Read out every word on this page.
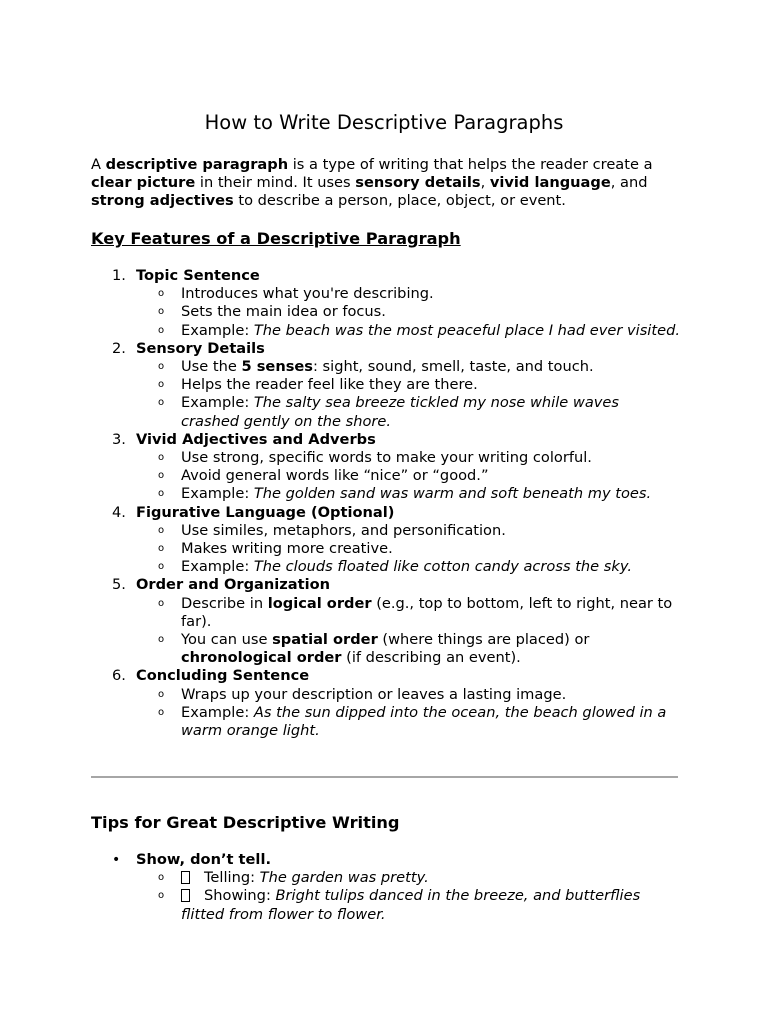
How to Write Descriptive Paragraphs

A descriptive paragraph is a type of writing that helps the reader create a clear picture in their mind. It uses sensory details, vivid language, and strong adjectives to describe a person, place, object, or event.

Key Features of a Descriptive Paragraph
1. Topic Sentence
o Introduces what you're describing.
o Sets the main idea or focus.
o Example: The beach was the most peaceful place I had ever visited.
2. Sensory Details
o Use the 5 senses: sight, sound, smell, taste, and touch.
o Helps the reader feel like they are there.
o Example: The salty sea breeze tickled my nose while waves crashed gently on the shore.
3. Vivid Adjectives and Adverbs
o Use strong, specific words to make your writing colorful.
o Avoid general words like “nice” or “good.”
o Example: The golden sand was warm and soft beneath my toes.
4. Figurative Language (Optional)
o Use similes, metaphors, and personification.
o Makes writing more creative.
o Example: The clouds floated like cotton candy across the sky.
5. Order and Organization
o Describe in logical order (e.g., top to bottom, left to right, near to far).
o You can use spatial order (where things are placed) or chronological order (if describing an event).
6. Concluding Sentence
o Wraps up your description or leaves a lasting image.
o Example: As the sun dipped into the ocean, the beach glowed in a warm orange light.
Tips for Great Descriptive Writing
• Show, don’t tell.
o	Telling: The garden was pretty.
o	Showing: Bright tulips danced in the breeze, and butterflies flitted from flower to flower.
